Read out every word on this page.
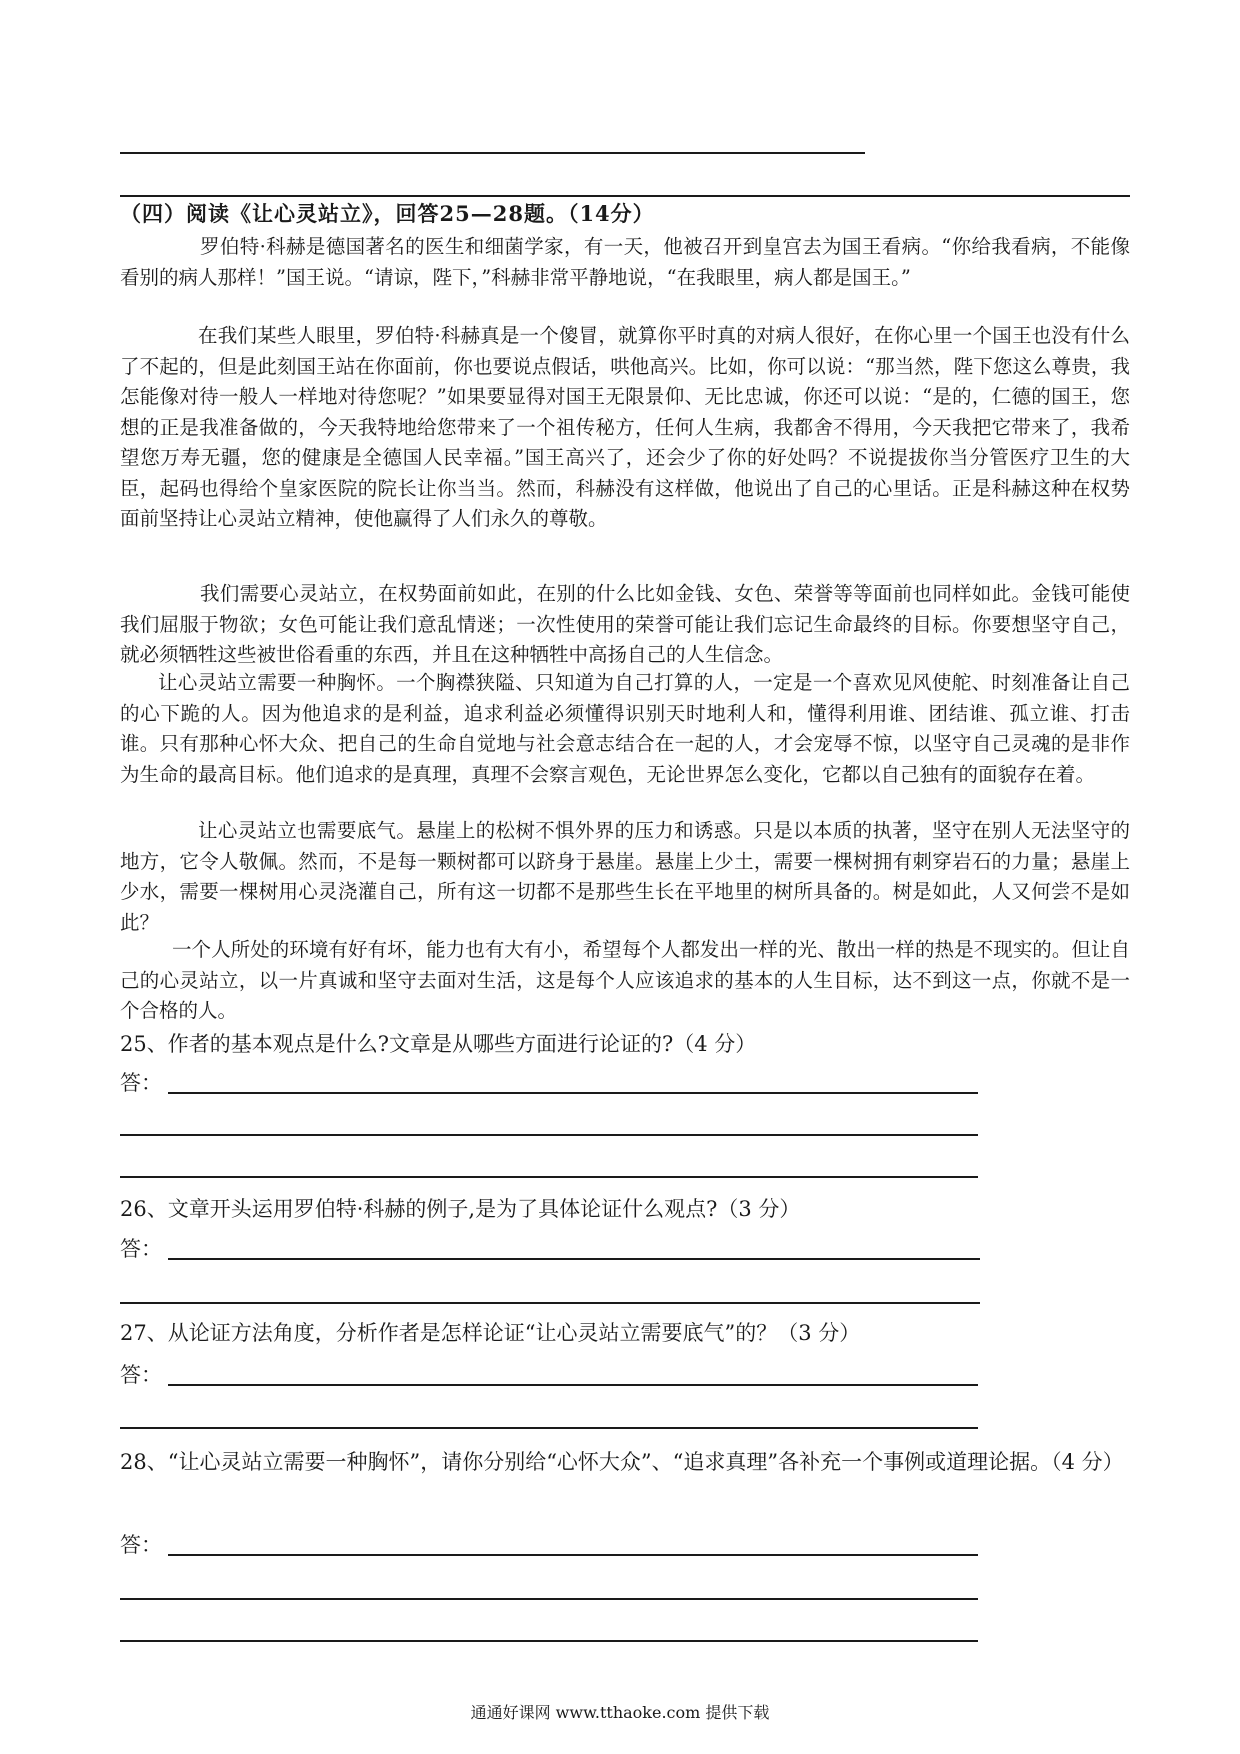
（四）阅读《让心灵站立》，回答25—28题。（14分）

罗伯特·科赫是德国著名的医生和细菌学家，有一天，他被召开到皇宫去为国王看病。“你给我看病，不能像看别的病人那样！”国王说。“请谅，陛下，”科赫非常平静地说，“在我眼里，病人都是国王。”

在我们某些人眼里，罗伯特·科赫真是一个傻冒，就算你平时真的对病人很好，在你心里一个国王也没有什么了不起的，但是此刻国王站在你面前，你也要说点假话，哄他高兴。比如，你可以说：“那当然，陛下您这么尊贵，我怎能像对待一般人一样地对待您呢？”如果要显得对国王无限景仰、无比忠诚，你还可以说：“是的，仁德的国王，您想的正是我准备做的，今天我特地给您带来了一个祖传秘方，任何人生病，我都舍不得用，今天我把它带来了，我希望您万寿无疆，您的健康是全德国人民幸福。”国王高兴了，还会少了你的好处吗？不说提拔你当分管医疗卫生的大臣，起码也得给个皇家医院的院长让你当当。然而，科赫没有这样做，他说出了自己的心里话。正是科赫这种在权势面前坚持让心灵站立精神，使他赢得了人们永久的尊敬。

我们需要心灵站立，在权势面前如此，在别的什么比如金钱、女色、荣誉等等面前也同样如此。金钱可能使我们屈服于物欲；女色可能让我们意乱情迷；一次性使用的荣誉可能让我们忘记生命最终的目标。你要想坚守自己，就必须牺牲这些被世俗看重的东西，并且在这种牺牲中高扬自己的人生信念。

让心灵站立需要一种胸怀。一个胸襟狭隘、只知道为自己打算的人，一定是一个喜欢见风使舵、时刻准备让自己的心下跪的人。因为他追求的是利益，追求利益必须懂得识别天时地利人和，懂得利用谁、团结谁、孤立谁、打击谁。只有那种心怀大众、把自己的生命自觉地与社会意志结合在一起的人，才会宠辱不惊，以坚守自己灵魂的是非作为生命的最高目标。他们追求的是真理，真理不会察言观色，无论世界怎么变化，它都以自己独有的面貌存在着。

让心灵站立也需要底气。悬崖上的松树不惧外界的压力和诱惑。只是以本质的执著，坚守在别人无法坚守的地方，它令人敬佩。然而，不是每一颗树都可以跻身于悬崖。悬崖上少土，需要一棵树拥有刺穿岩石的力量；悬崖上少水，需要一棵树用心灵浇灌自己，所有这一切都不是那些生长在平地里的树所具备的。树是如此，人又何尝不是如此？

一个人所处的环境有好有坏，能力也有大有小，希望每个人都发出一样的光、散出一样的热是不现实的。但让自己的心灵站立，以一片真诚和坚守去面对生活，这是每个人应该追求的基本的人生目标，达不到这一点，你就不是一个合格的人。

25、作者的基本观点是什么?文章是从哪些方面进行论证的?（4 分）

答：

26、文章开头运用罗伯特·科赫的例子,是为了具体论证什么观点?（3 分）

答：

27、从论证方法角度，分析作者是怎样论证“让心灵站立需要底气”的？（3 分）

答：

28、“让心灵站立需要一种胸怀”，请你分别给“心怀大众”、“追求真理”各补充一个事例或道理论据。（4 分）

答：
通通好课网 www.tthaoke.com 提供下载
